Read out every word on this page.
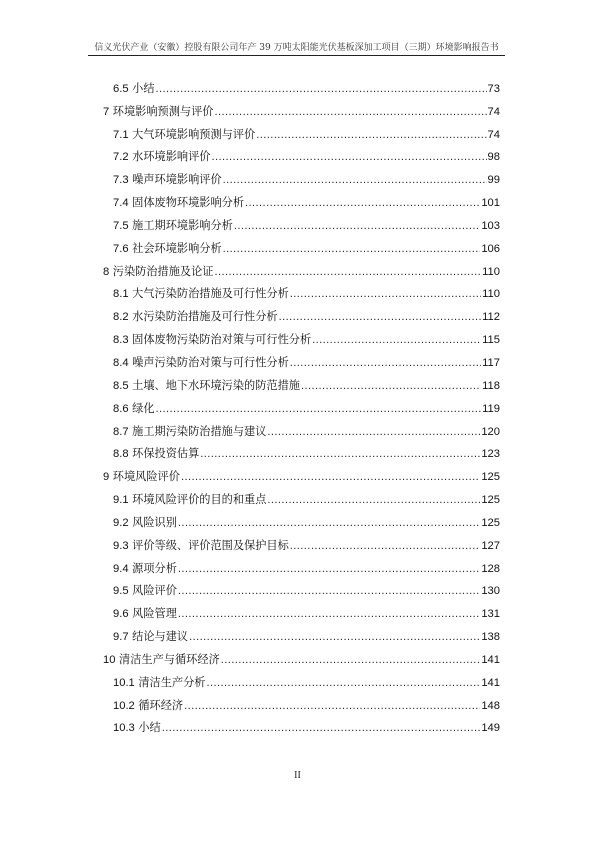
信义光伏产业（安徽）控股有限公司年产 39 万吨太阳能光伏基板深加工项目（三期）环境影响报告书
6.5 小结 .....	73
7 环境影响预测与评价 .....	74
7.1 大气环境影响预测与评价 .....	74
7.2 水环境影响评价 .....	98
7.3 噪声环境影响评价 .....	99
7.4 固体废物环境影响分析 .....	101
7.5 施工期环境影响分析 .....	103
7.6 社会环境影响分析 .....	106
8 污染防治措施及论证 .....	110
8.1 大气污染防治措施及可行性分析 .....	110
8.2 水污染防治措施及可行性分析 .....	112
8.3 固体废物污染防治对策与可行性分析 .....	115
8.4 噪声污染防治对策与可行性分析 .....	117
8.5 土壤、地下水环境污染的防范措施 .....	118
8.6 绿化 .....	119
8.7 施工期污染防治措施与建议 .....	120
8.8 环保投资估算 .....	123
9 环境风险评价 .....	125
9.1 环境风险评价的目的和重点 .....	125
9.2 风险识别 .....	125
9.3 评价等级、评价范围及保护目标 .....	127
9.4 源项分析 .....	128
9.5 风险评价 .....	130
9.6 风险管理 .....	131
9.7 结论与建议 .....	138
10 清洁生产与循环经济 .....	141
10.1 清洁生产分析 .....	141
10.2 循环经济 .....	148
10.3 小结 .....	149
II
